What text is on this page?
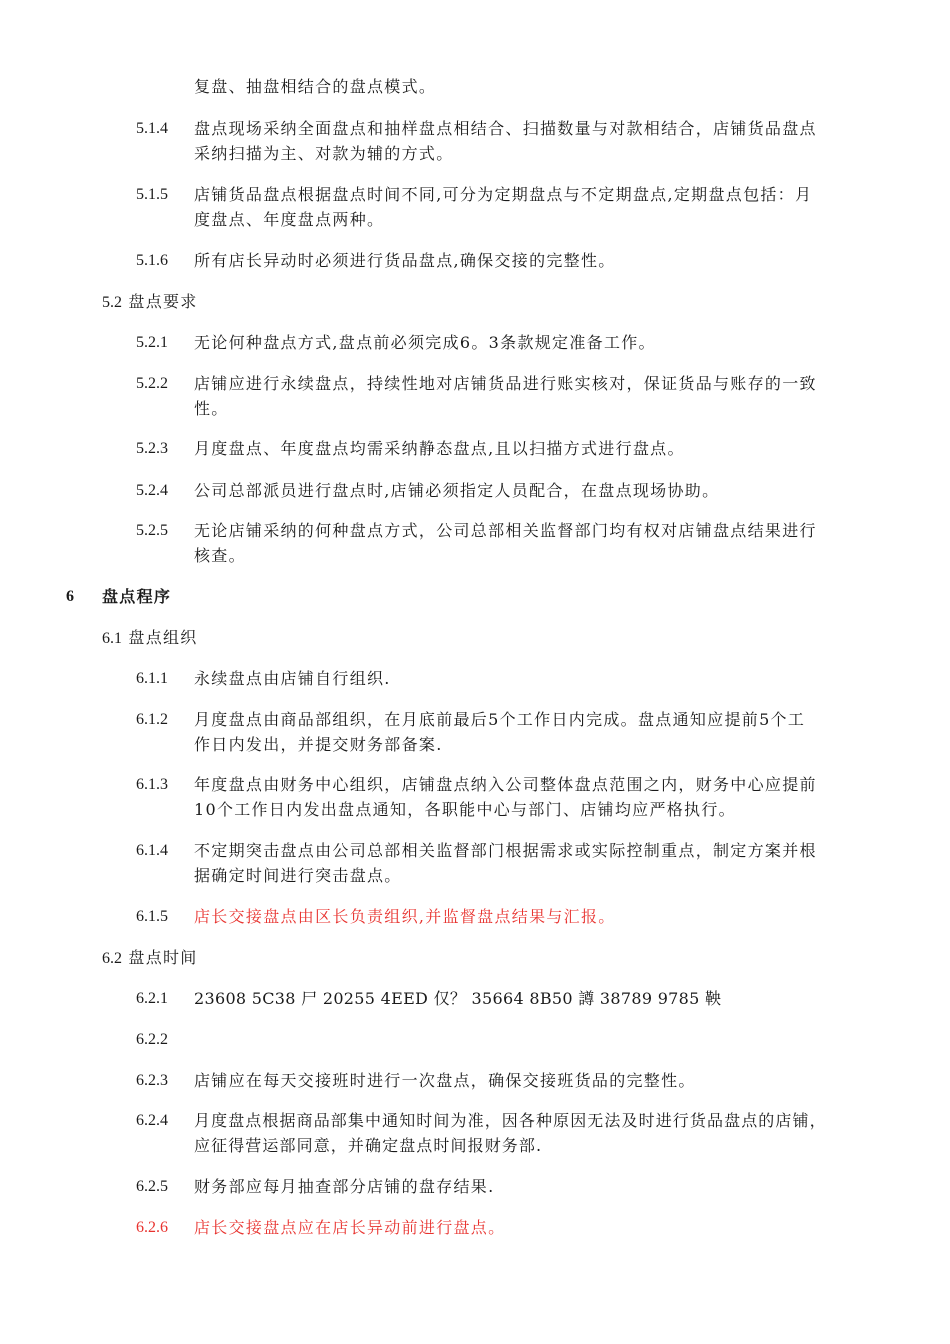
复盘、抽盘相结合的盘点模式。
5.1.4 盘点现场采纳全面盘点和抽样盘点相结合、扫描数量与对款相结合，店铺货品盘点
采纳扫描为主、对款为辅的方式。
5.1.5 店铺货品盘点根据盘点时间不同,可分为定期盘点与不定期盘点,定期盘点包括：月
度盘点、年度盘点两种。
5.1.6 所有店长异动时必须进行货品盘点,确保交接的完整性。
5.2 盘点要求
5.2.1 无论何种盘点方式,盘点前必须完成6。3条款规定准备工作。
5.2.2 店铺应进行永续盘点，持续性地对店铺货品进行账实核对，保证货品与账存的一致
性。
5.2.3 月度盘点、年度盘点均需采纳静态盘点,且以扫描方式进行盘点。
5.2.4 公司总部派员进行盘点时,店铺必须指定人员配合，在盘点现场协助。
5.2.5 无论店铺采纳的何种盘点方式，公司总部相关监督部门均有权对店铺盘点结果进行
核查。
6 盘点程序
6.1 盘点组织
6.1.1 永续盘点由店铺自行组织.
6.1.2 月度盘点由商品部组织，在月底前最后5个工作日内完成。盘点通知应提前5个工
作日内发出，并提交财务部备案.
6.1.3 年度盘点由财务中心组织，店铺盘点纳入公司整体盘点范围之内，财务中心应提前
10个工作日内发出盘点通知，各职能中心与部门、店铺均应严格执行。
6.1.4 不定期突击盘点由公司总部相关监督部门根据需求或实际控制重点，制定方案并根
据确定时间进行突击盘点。
6.1.5 店长交接盘点由区长负责组织,并监督盘点结果与汇报。
6.2 盘点时间
6.2.1 23608 5C38 尸 20255 4EED 仅？ 35664 8B50 譐 38789 9785 鞅
6.2.2
6.2.3 店铺应在每天交接班时进行一次盘点，确保交接班货品的完整性。
6.2.4 月度盘点根据商品部集中通知时间为准，因各种原因无法及时进行货品盘点的店铺，
应征得营运部同意，并确定盘点时间报财务部.
6.2.5 财务部应每月抽查部分店铺的盘存结果.
6.2.6 店长交接盘点应在店长异动前进行盘点。
